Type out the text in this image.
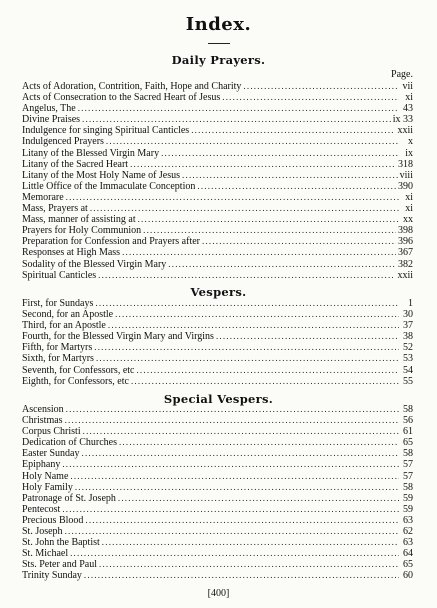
Index.
Daily Prayers.
Page.
Acts of Adoration, Contrition, Faith, Hope and Charity .....	vii
Acts of Consecration to the Sacred Heart of Jesus .....	xi
Angelus, The .....	43
Divine Praises .....	ix 33
Indulgence for singing Spiritual Canticles .....	xxii
Indulgenced Prayers .....	x
Litany of the Blessed Virgin Mary .....	ix
Litany of the Sacred Heart .....	318
Litany of the Most Holy Name of Jesus .....	viii
Little Office of the Immaculate Conception .....	390
Memorare .....	xi
Mass, Prayers at .....	xi
Mass, manner of assisting at .....	xx
Prayers for Holy Communion .....	398
Preparation for Confession and Prayers after .....	396
Responses at High Mass .....	367
Sodality of the Blessed Virgin Mary .....	382
Spiritual Canticles .....	xxii
Vespers.
First, for Sundays .....	1
Second, for an Apostle .....	30
Third, for an Apostle .....	37
Fourth, for the Blessed Virgin Mary and Virgins .....	38
Fifth, for Martyrs .....	52
Sixth, for Martyrs .....	53
Seventh, for Confessors, etc .....	54
Eighth, for Confessors, etc .....	55
Special Vespers.
Ascension .....	58
Christmas .....	56
Corpus Christi .....	61
Dedication of Churches .....	65
Easter Sunday .....	58
Epiphany .....	57
Holy Name .....	57
Holy Family .....	58
Patronage of St. Joseph .....	59
Pentecost .....	59
Precious Blood .....	63
St. Joseph .....	62
St. John the Baptist .....	63
St. Michael .....	64
Sts. Peter and Paul .....	65
Trinity Sunday .....	60
[400]
